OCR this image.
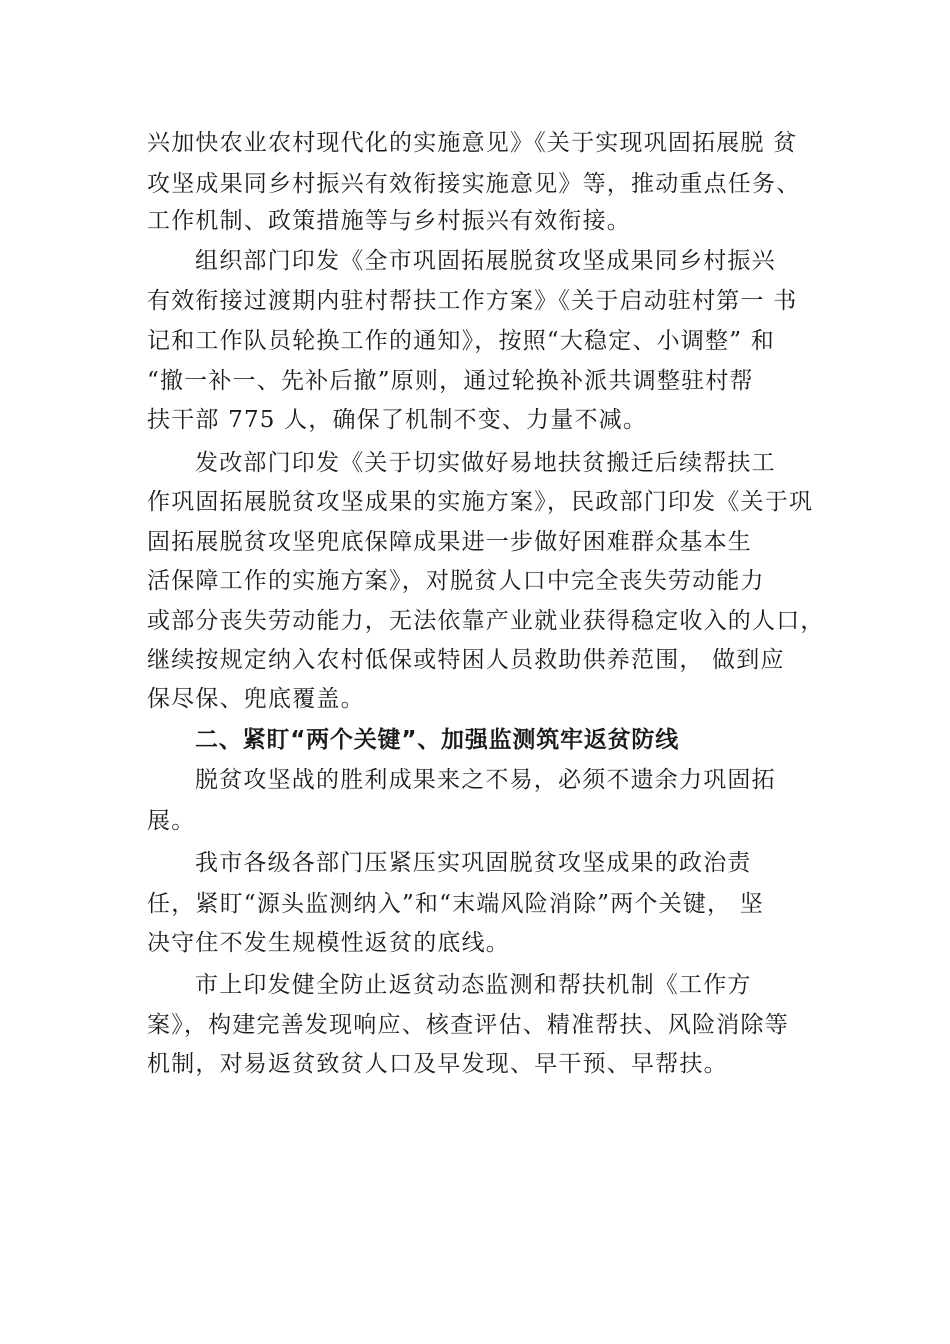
兴加快农业农村现代化的实施意见》《关于实现巩固拓展脱 贫
攻坚成果同乡村振兴有效衔接实施意见》等，推动重点任务、
工作机制、政策措施等与乡村振兴有效衔接。
组织部门印发《全市巩固拓展脱贫攻坚成果同乡村振兴
有效衔接过渡期内驻村帮扶工作方案》《关于启动驻村第一 书
记和工作队员轮换工作的通知》，按照“大稳定、小调整” 和
“撤一补一、先补后撤”原则，通过轮换补派共调整驻村帮
扶干部 775 人，确保了机制不变、力量不减。
发改部门印发《关于切实做好易地扶贫搬迁后续帮扶工
作巩固拓展脱贫攻坚成果的实施方案》，民政部门印发《关于巩
固拓展脱贫攻坚兜底保障成果进一步做好困难群众基本生
活保障工作的实施方案》，对脱贫人口中完全丧失劳动能力
或部分丧失劳动能力，无法依靠产业就业获得稳定收入的人口，
继续按规定纳入农村低保或特困人员救助供养范围， 做到应
保尽保、兜底覆盖。
二、紧盯“两个关键”、加强监测筑牢返贫防线
脱贫攻坚战的胜利成果来之不易，必须不遗余力巩固拓
展。
我市各级各部门压紧压实巩固脱贫攻坚成果的政治责
任，紧盯“源头监测纳入”和“末端风险消除”两个关键， 坚
决守住不发生规模性返贫的底线。
市上印发健全防止返贫动态监测和帮扶机制《工作方
案》，构建完善发现响应、核查评估、精准帮扶、风险消除等
机制，对易返贫致贫人口及早发现、早干预、早帮扶。
